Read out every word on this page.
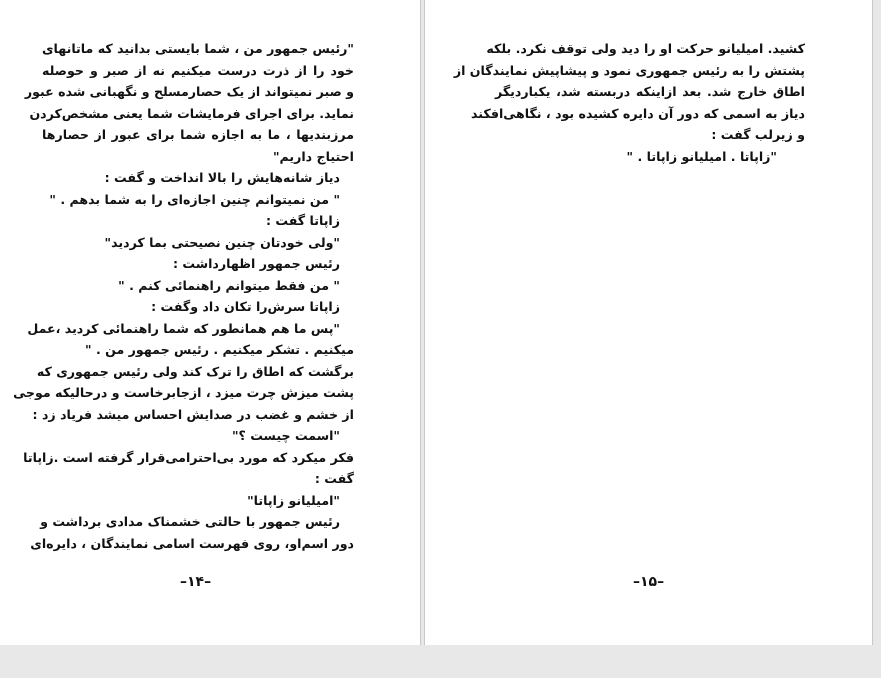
"رئیس جمهور من ، شما بایستی بدانید که ماتانهای
خود را از ذرت درست میکنیم نه از صبر و حوصله
و صبر نمیتواند از یک حصارمسلح و نگهبانی شده عبور
نماید. برای اجرای فرمایشات شما یعنی مشخص‌کردن
مرزبندیها ، ما به اجازه شما برای عبور از حصارها
احتیاج داریم"
دیاز شانه‌هایش را بالا انداخت و گفت :
" من نمیتوانم چنین اجازه‌ای را به شما بدهم . "
زاپاتا گفت :
"ولی خودتان چنین نصیحتی بما کردید"
رئیس جمهور اظهارداشت :
" من فقط میتوانم راهنمائی کنم . "
زاپاتا سرش‌را تکان داد وگفت :
"پس ما هم همانطور که شما راهنمائی کردید ،عمل
میکنیم . تشکر میکنیم . رئیس جمهور من . "
برگشت که اطاق را ترک کند ولی رئیس جمهوری که
پشت میزش چرت میزد ، ازجابرخاست و درحالیکه موجی
از خشم و غضب در صدایش احساس میشد فریاد زد :
"اسمت چیست ؟"
فکر میکرد که مورد بی‌احترامی‌قرار گرفته است .زاپاتا
گفت :
"امیلیانو زاپاتا"
رئیس جمهور با حالتی خشمناک مدادی برداشت و
دور اسم‌او، روی فهرست اسامی نمایندگان ، دایره‌ای
–۱۴–
کشید. امیلیانو حرکت او را دید ولی توقف نکرد. بلکه
پشتش را به رئیس جمهوری نمود و پیشاپیش نمایندگان از
اطاق خارج شد. بعد ازاینکه دربسته شد، یکباردیگر
دیاز به اسمی که دور آن دایره کشیده بود ، نگاهی‌افکند
و زیرلب گفت :
"زاپاتا . امیلیانو زاپاتا . "
–۱۵–
